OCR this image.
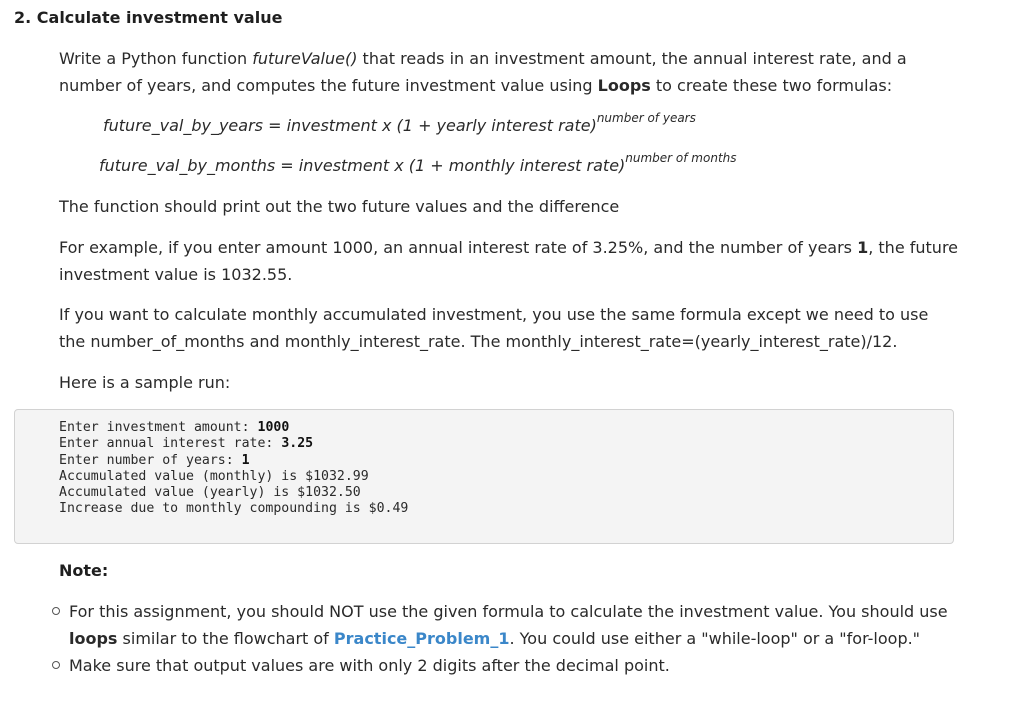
2. Calculate investment value
Write a Python function futureValue() that reads in an investment amount, the annual interest rate, and a number of years, and computes the future investment value using Loops to create these two formulas:
future_val_by_years = investment x (1 + yearly interest rate)$^{number of years}$
future_val_by_months = investment x (1 + monthly interest rate)$^{number of months}$
The function should print out the two future values and the difference
For example, if you enter amount 1000, an annual interest rate of 3.25%, and the number of years 1, the future investment value is 1032.55.
If you want to calculate monthly accumulated investment, you use the same formula except we need to use the number_of_months and monthly_interest_rate. The monthly_interest_rate=(yearly_interest_rate)/12.
Here is a sample run:
Enter investment amount: 1000
Enter annual interest rate: 3.25
Enter number of years: 1
Accumulated value (monthly) is $1032.99
Accumulated value (yearly) is $1032.50
Increase due to monthly compounding is $0.49
Note:
For this assignment, you should NOT use the given formula to calculate the investment value. You should use loops similar to the flowchart of Practice_Problem_1. You could use either a "while-loop" or a "for-loop."
Make sure that output values are with only 2 digits after the decimal point.
